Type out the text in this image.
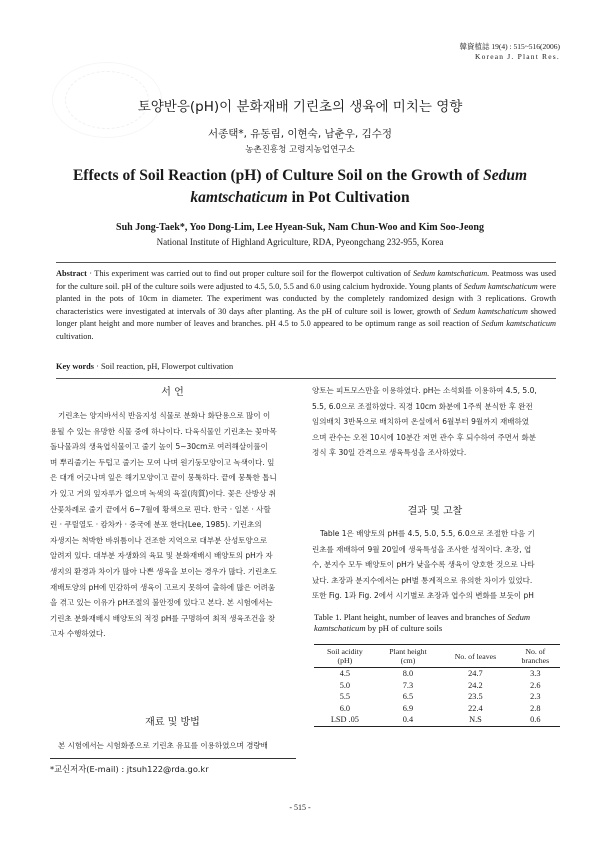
韓資植誌 19(4) : 515~516(2006)
Korean J. Plant Res.
토양반응(pH)이 분화재배 기린초의 생육에 미치는 영향
서종택*, 유동림, 이현숙, 남춘우, 김수정
농촌진흥청 고령지농업연구소
Effects of Soil Reaction (pH) of Culture Soil on the Growth of Sedum
kamtschaticum in Pot Cultivation
Suh Jong-Taek*, Yoo Dong-Lim, Lee Hyean-Suk, Nam Chun-Woo and Kim Soo-Jeong
National Institute of Highland Agriculture, RDA, Pyeongchang 232-955, Korea
Abstract · This experiment was carried out to find out proper culture soil for the flowerpot cultivation of Sedum kamtschaticum. Peatmoss was used for the culture soil. pH of the culture soils were adjusted to 4.5, 5.0, 5.5 and 6.0 using calcium hydroxide. Young plants of Sedum kamtschaticum were planted in the pots of 10cm in diameter. The experiment was conducted by the completely randomized design with 3 replications. Growth characteristics were investigated at intervals of 30 days after planting. As the pH of culture soil is lower, growth of Sedum kamtschaticum showed longer plant height and more number of leaves and branches. pH 4.5 to 5.0 appeared to be optimum range as soil reaction of Sedum kamtschaticum cultivation.
Key words · Soil reaction, pH, Flowerpot cultivation
서 언
기린초는 양지바서식 반음지성 식물로 분화나 화단용으로 많이 이
용될 수 있는 유망한 식물 중에 하나이다. 다육식물인 기린초는 꽃마목
돌나물과의 생육엽식물이고 줄기 높이 5~30cm로 여러해살이풀이
며 뿌리줄기는 두텁고 줄기는 모여 나며 원기둥모양이고 녹색이다. 잎
은 대개 어긋나며 잎은 해기모양이고 끝이 뭉툭하다. 끝에 뭉툭한 톱니
가 있고 거의 잎자루가 없으며 녹색의 육질(肉質)이다. 꽃은 산방상 취
산꽃차례로 줄기 끝에서 6~7월에 황색으로 핀다. 한국 · 일본 · 사할
린 · 쿠릴열도 · 캄차카 · 중국에 분포 한다(Lee, 1985). 기린초의
자생지는 척박한 바위틈이나 건조한 지역으로 대부분 산성토양으로
알려져 있다. 대부분 자생화의 육묘 및 분화재배시 배양토의 pH가 자
생지의 환경과 차이가 많아 나쁜 생육을 보이는 경우가 많다. 기린초도
재배토양의 pH에 민감하여 생육이 고르지 못하여 출하에 많은 어려움
을 겪고 있는 이유가 pH조절의 불안정에 있다고 본다. 본 시험에서는
기린초 분화재배시 배양토의 적정 pH를 구명하여 최적 생육조건을 찾
고자 수행하였다.
재료 및 방법
본 시험에서는 시험화종으로 기린초 유묘를 이용하였으며 경량배
*교신저자(E-mail) : jtsuh122@rda.go.kr
양토는 피트모스만을 이용하였다. pH는 소석회를 이용하여 4.5, 5.0,
5.5, 6.0으로 조절하였다. 직경 10cm 화분에 1주씩 분식한 후 완전
임의배치 3반복으로 배치하여 온실에서 6월부터 9월까지 재배하였
으며 관수는 오전 10시에 10분간 저면 관수 후 되수하여 주면서 화분
정식 후 30일 간격으로 생육특성을 조사하였다.
결과 및 고찰
Table 1은 배양토의 pH를 4.5, 5.0, 5.5, 6.0으로 조절한 다음 기
린초를 재배하여 9월 20일에 생육특성을 조사한 성적이다. 초장, 엽
수, 분지수 모두 배양토이 pH가 낮을수록 생육이 양호한 것으로 나타
났다. 초장과 분지수에서는 pH별 통계적으로 유의한 차이가 있었다.
또한 Fig. 1과 Fig. 2에서 시기별로 초장과 엽수의 변화를 보듯이 pH
Table 1. Plant height, number of leaves and branches of Sedum kamtschaticum by pH of culture soils
Soil acidity
(pH)	Plant height
(cm)	No. of leaves	No. of
branches
4.5	8.0	24.7	3.3
5.0	7.3	24.2	2.6
5.5	6.5	23.5	2.3
6.0	6.9	22.4	2.8
LSD .05	0.4	N.S	0.6
- 515 -
